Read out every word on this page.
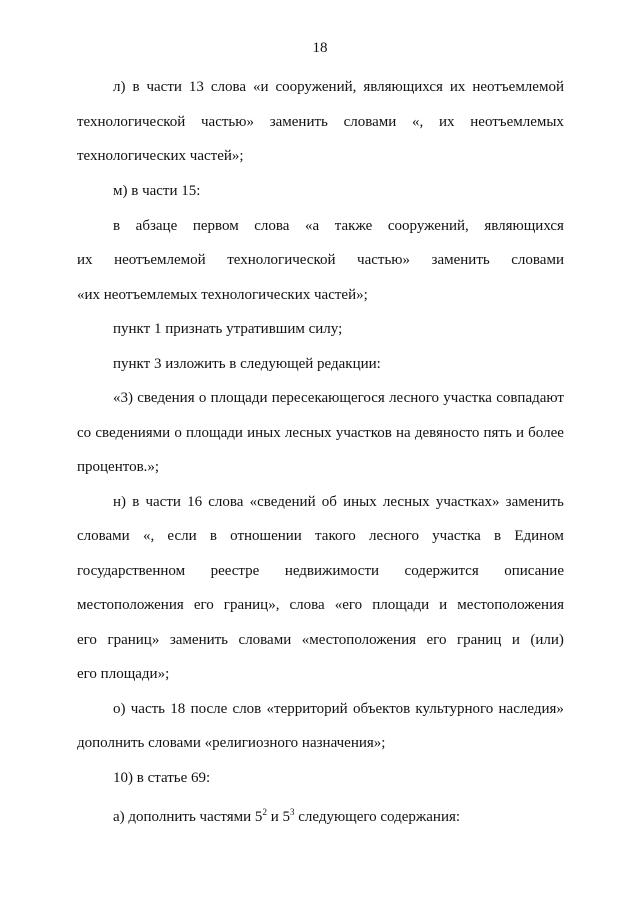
18
л) в части 13 слова «и сооружений, являющихся их неотъемлемой
технологической частью» заменить словами «, их неотъемлемых
технологических частей»;
м) в части 15:
в абзаце первом слова «а также сооружений, являющихся
их неотъемлемой технологической частью» заменить словами
«их неотъемлемых технологических частей»;
пункт 1 признать утратившим силу;
пункт 3 изложить в следующей редакции:
«3) сведения о площади пересекающегося лесного участка совпадают
со сведениями о площади иных лесных участков на девяносто пять и более
процентов.»;
н) в части 16 слова «сведений об иных лесных участках» заменить
словами «, если в отношении такого лесного участка в Едином
государственном реестре недвижимости содержится описание
местоположения его границ», слова «его площади и местоположения
его границ» заменить словами «местоположения его границ и (или)
его площади»;
о) часть 18 после слов «территорий объектов культурного наследия»
дополнить словами «религиозного назначения»;
10) в статье 69:
а) дополнить частями $5^2$ и $5^3$ следующего содержания:
